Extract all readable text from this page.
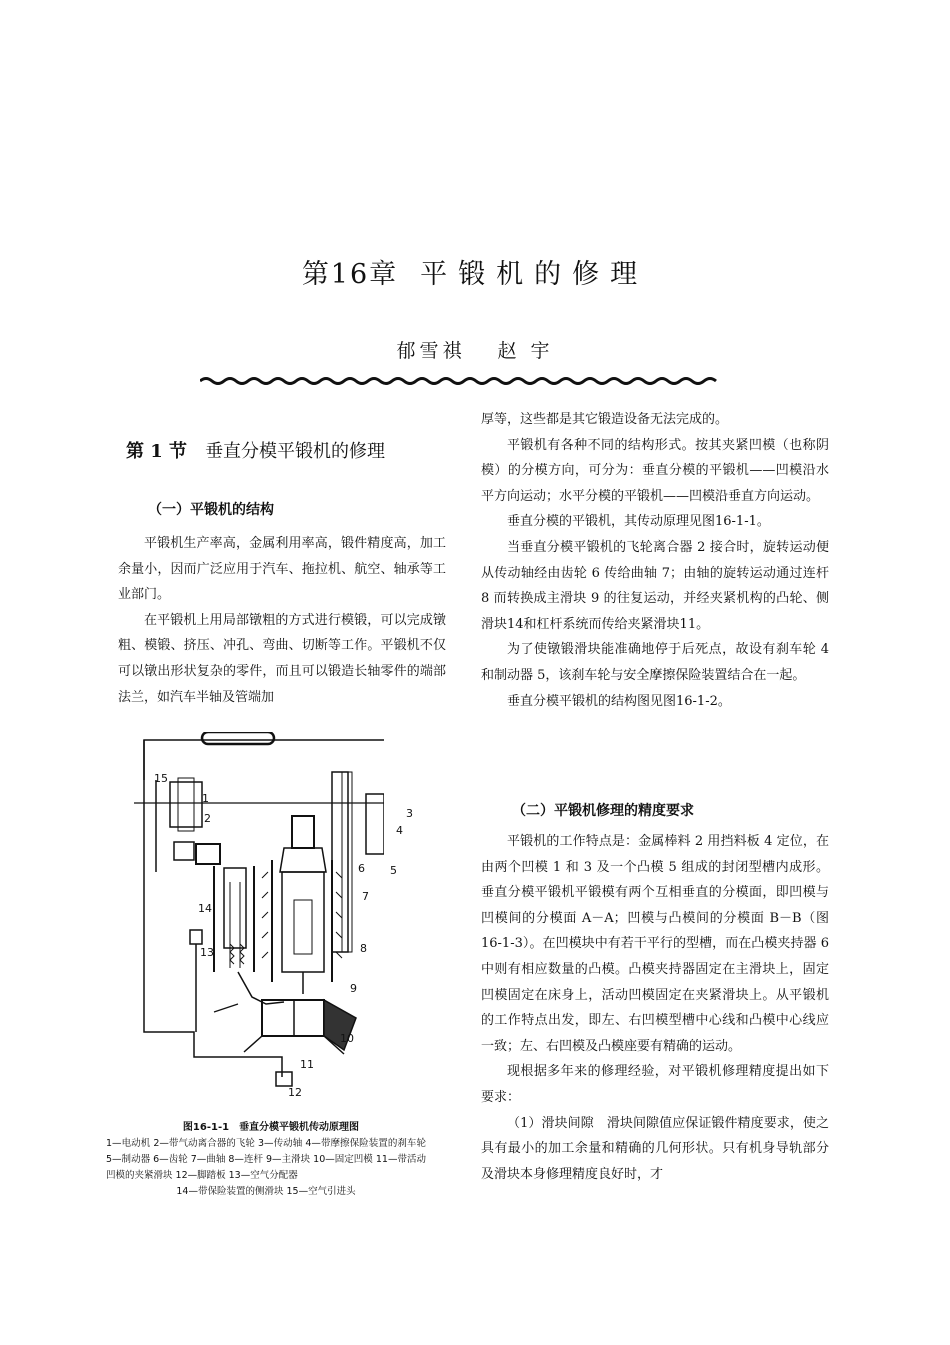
第16章 平锻机的修理
郁雪祺 赵 宇
第 1 节 垂直分模平锻机的修理
（一）平锻机的结构

平锻机生产率高，金属利用率高，锻件精度高，加工余量小，因而广泛应用于汽车、拖拉机、航空、轴承等工业部门。

在平锻机上用局部镦粗的方式进行模锻，可以完成镦粗、模锻、挤压、冲孔、弯曲、切断等工作。平锻机不仅可以镦出形状复杂的零件，而且可以锻造长轴零件的端部法兰，如汽车半轴及管端加

厚等，这些都是其它锻造设备无法完成的。

平锻机有各种不同的结构形式。按其夹紧凹模（也称阴模）的分模方向，可分为：垂直分模的平锻机——凹模沿水平方向运动；水平分模的平锻机——凹模沿垂直方向运动。

垂直分模的平锻机，其传动原理见图16-1-1。

当垂直分模平锻机的飞轮离合器 2 接合时，旋转运动便从传动轴经由齿轮 6 传给曲轴 7；由轴的旋转运动通过连杆 8 而转换成主滑块 9 的往复运动，并经夹紧机构的凸轮、侧滑块14和杠杆系统而传给夹紧滑块11。

为了使镦锻滑块能准确地停于后死点，故设有刹车轮 4 和制动器 5，该刹车轮与安全摩擦保险装置结合在一起。

垂直分模平锻机的结构图见图16-1-2。

（二）平锻机修理的精度要求

平锻机的工作特点是：金属棒料 2 用挡料板 4 定位，在由两个凹模 1 和 3 及一个凸模 5 组成的封闭型槽内成形。垂直分模平锻机平锻模有两个互相垂直的分模面，即凹模与凹模间的分模面 A－A；凹模与凸模间的分模面 B－B（图 16-1-3）。在凹模块中有若干平行的型槽，而在凸模夹持器 6 中则有相应数量的凸模。凸模夹持器固定在主滑块上，固定凹模固定在床身上，活动凹模固定在夹紧滑块上。从平锻机的工作特点出发，即左、右凹模型槽中心线和凸模中心线应一致；左、右凹模及凸模座要有精确的运动。

现根据多年来的修理经验，对平锻机修理精度提出如下要求：

（1）滑块间隙　滑块间隙值应保证锻件精度要求，使之具有最小的加工余量和精确的几何形状。只有机身导轨部分及滑块本身修理精度良好时，才

15
1
2	3
4
5
6
7
8
9
10
11
12
13
14
图16-1-1 垂直分模平锻机传动原理图
1—电动机 2—带气动离合器的飞轮 3—传动轴 4—带摩擦保险装置的刹车轮 5—制动器 6—齿轮 7—曲轴 8—连杆 9—主滑块 10—固定凹模 11—带活动凹模的夹紧滑块 12—脚踏板 13—空气分配器
14—带保险装置的侧滑块 15—空气引进头
